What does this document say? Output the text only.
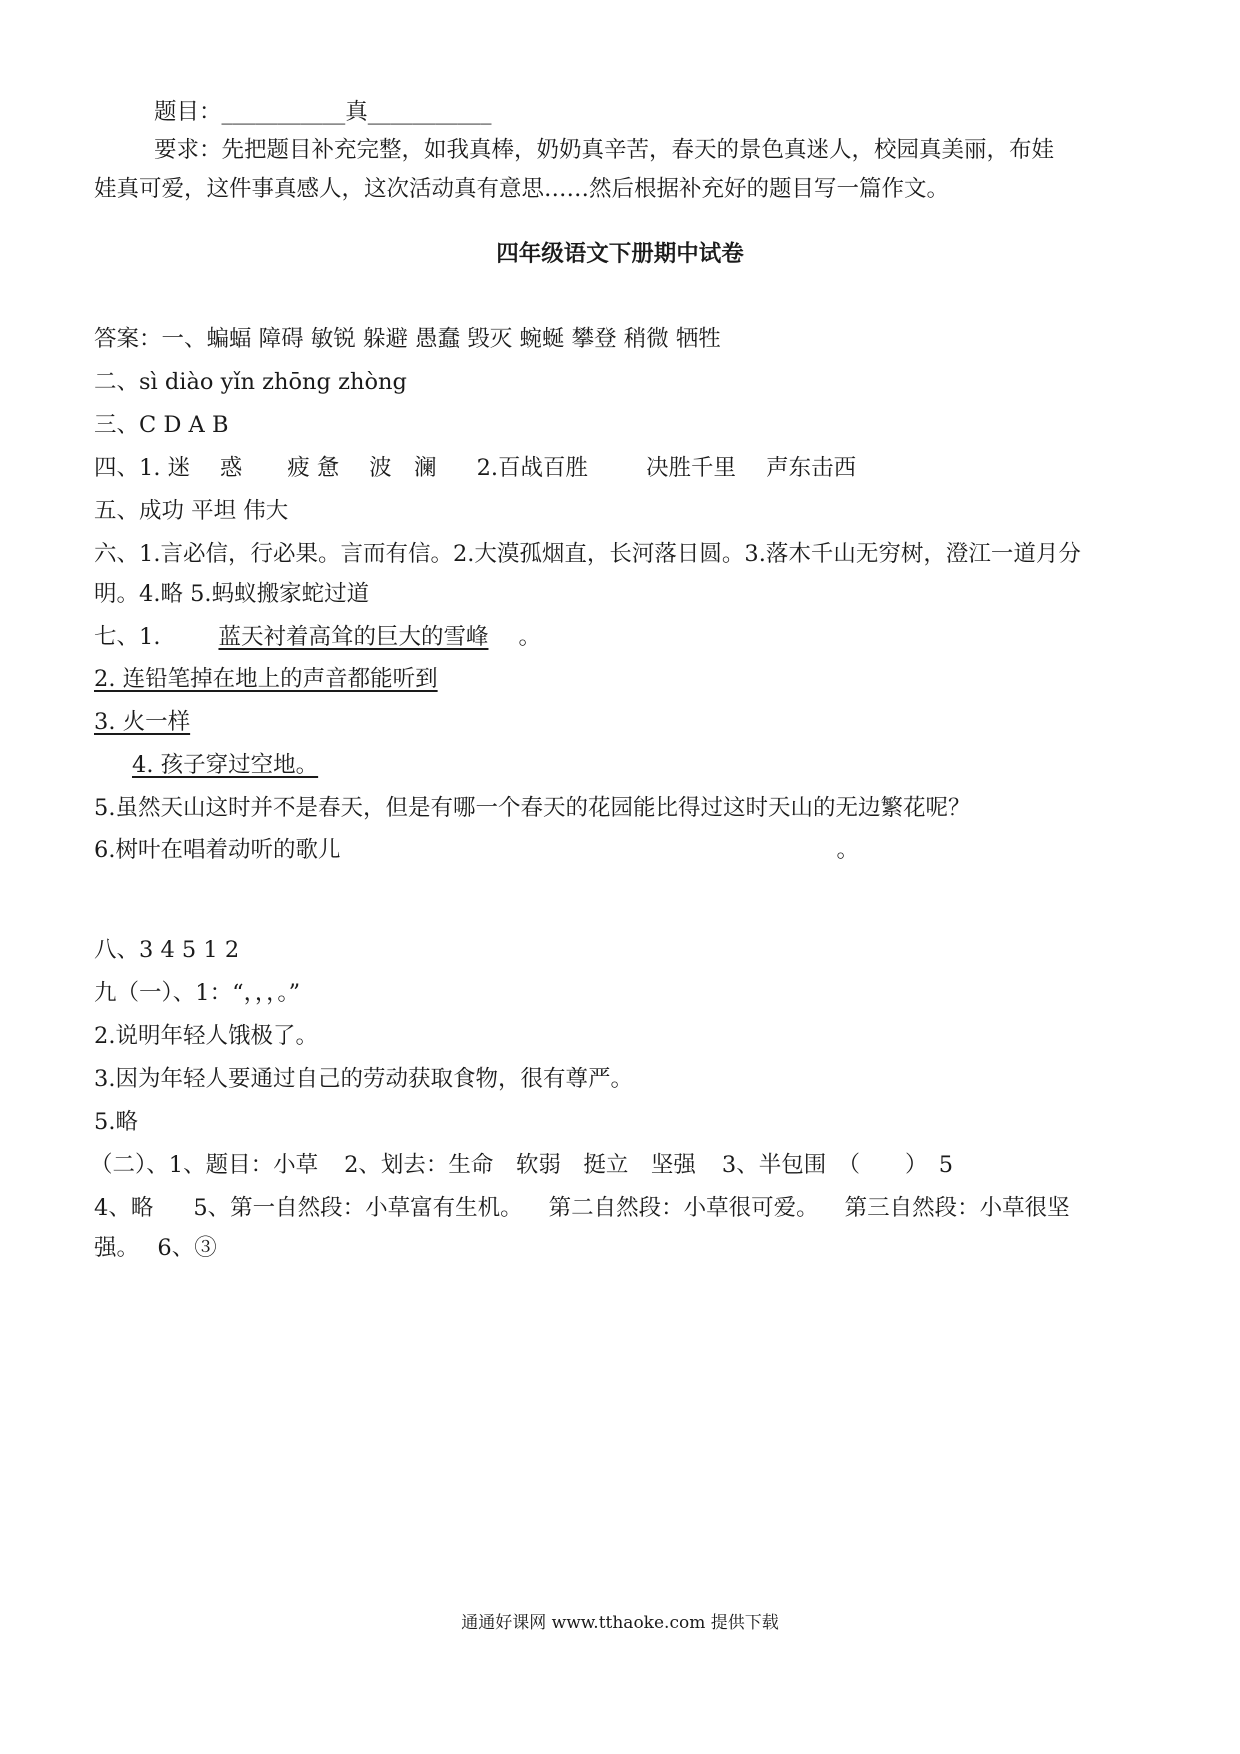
题目：___________真___________
要求：先把题目补充完整，如我真棒，奶奶真辛苦，春天的景色真迷人，校园真美丽，布娃
娃真可爱，这件事真感人，这次活动真有意思……然后根据补充好的题目写一篇作文。
四年级语文下册期中试卷
答案：一、蝙蝠 障碍 敏锐 躲避 愚蠢 毁灭 蜿蜒 攀登 稍微 牺牲
二、sì diào yǐn zhōng zhòng
三、C D A B
四、1. 迷　 惑　　疲 惫　 波　澜 2.百战百胜	决胜千里 声东击西
五、成功 平坦 伟大
六、1.言必信，行必果。言而有信。2.大漠孤烟直，长河落日圆。3.落木千山无穷树，澄江一道月分
明。4.略 5.蚂蚁搬家蛇过道
七、1.	蓝天衬着高耸的巨大的雪峰 。
2. 连铅笔掉在地上的声音都能听到
3. 火一样
4. 孩子穿过空地。
5.虽然天山这时并不是春天，但是有哪一个春天的花园能比得过这时天山的无边繁花呢？
6.树叶在唱着动听的歌儿	。
八、3 4 5 1 2
九（一）、1：“，，，。”
2.说明年轻人饿极了。
3.因为年轻人要通过自己的劳动获取食物，很有尊严。
5.略
（二）、1、题目：小草 2、划去：生命　软弱　挺立　坚强 3、半包围　（　　）　5
4、略 5、第一自然段：小草富有生机。 第二自然段：小草很可爱。 第三自然段：小草很坚
强。　 6、③
通通好课网 www.tthaoke.com 提供下载
